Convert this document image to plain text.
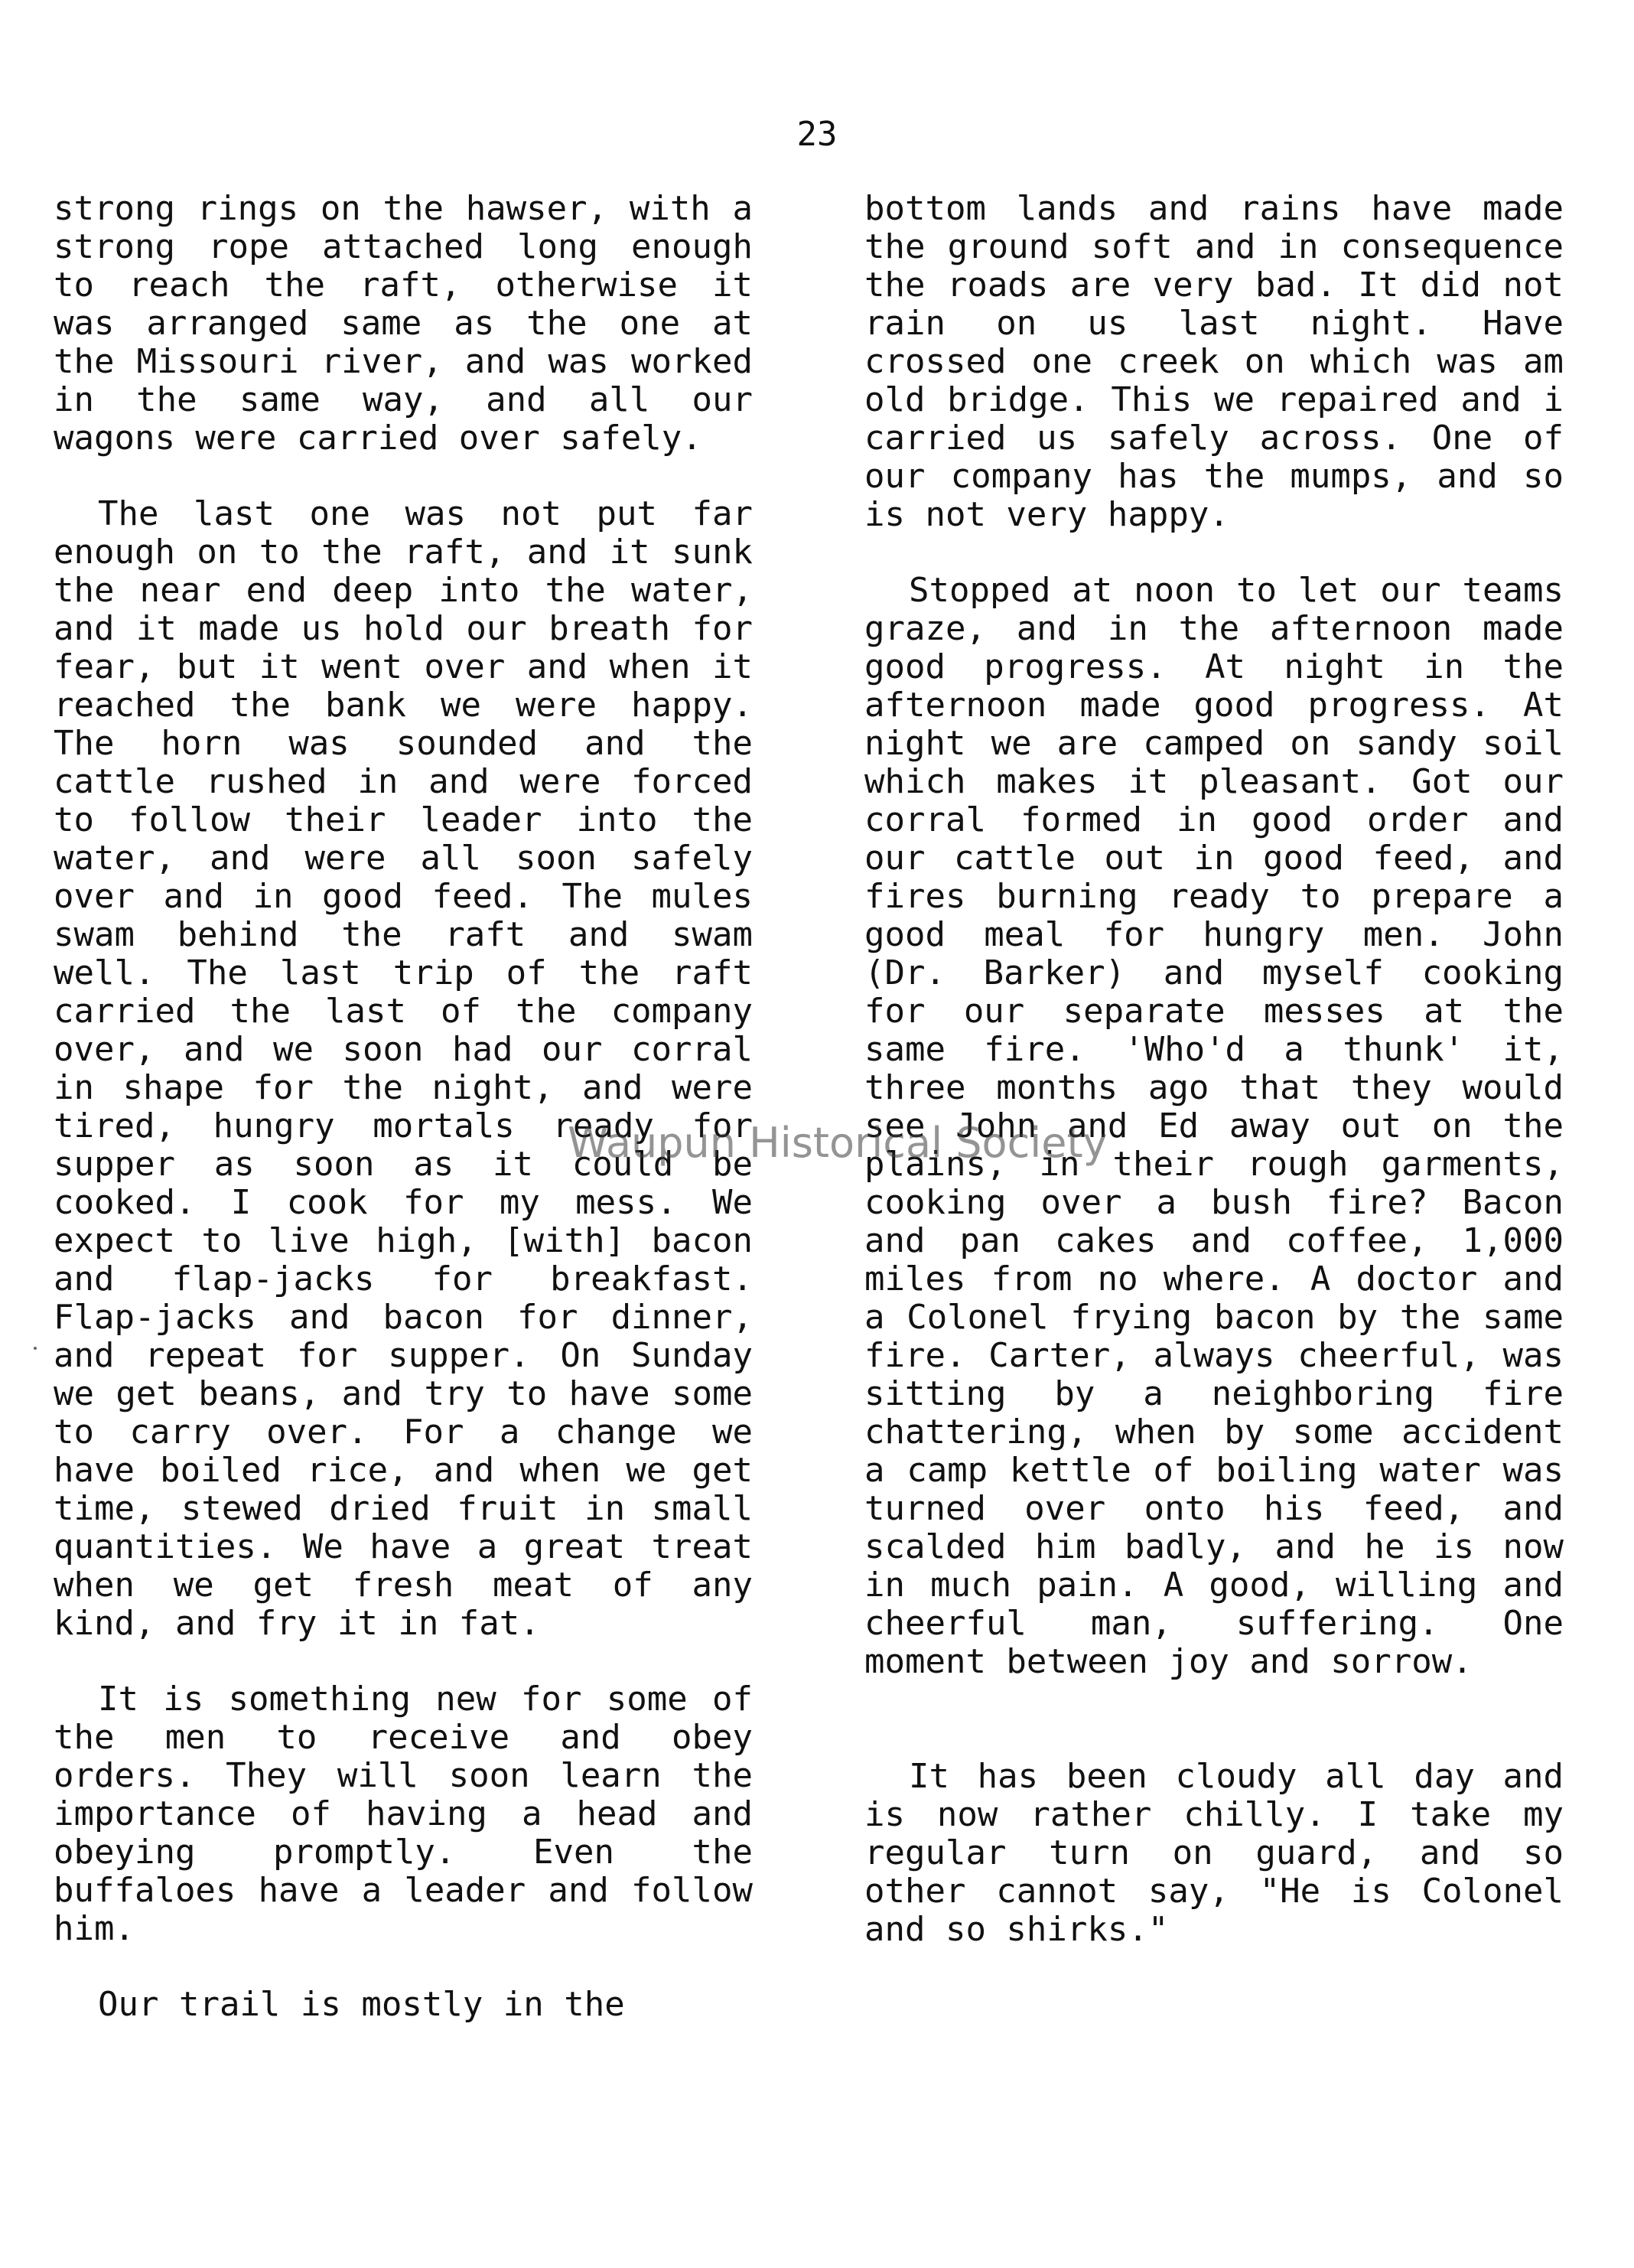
23

strong rings on the hawser, with a strong rope attached long enough to reach the raft, otherwise it was arranged same as the one at the Missouri river, and was worked in the same way, and all our wagons were carried over safely.

The last one was not put far enough on to the raft, and it sunk the near end deep into the water, and it made us hold our breath for fear, but it went over and when it reached the bank we were happy. The horn was sounded and the cattle rushed in and were forced to follow their leader into the water, and were all soon safely over and in good feed. The mules swam behind the raft and swam well. The last trip of the raft carried the last of the company over, and we soon had our corral in shape for the night, and were tired, hungry mortals ready for supper as soon as it could be cooked. I cook for my mess. We expect to live high, [with] bacon and flap-jacks for breakfast. Flap-jacks and bacon for dinner, and repeat for supper. On Sunday we get beans, and try to have some to carry over. For a change we have boiled rice, and when we get time, stewed dried fruit in small quantities. We have a great treat when we get fresh meat of any kind, and fry it in fat.

It is something new for some of the men to receive and obey orders. They will soon learn the importance of having a head and obeying promptly. Even the buffaloes have a leader and follow him.

Our trail is mostly in the

bottom lands and rains have made the ground soft and in consequence the roads are very bad. It did not rain on us last night. Have crossed one creek on which was am old bridge. This we repaired and i carried us safely across. One of our company has the mumps, and so is not very happy.

Stopped at noon to let our teams graze, and in the afternoon made good progress. At night in the afternoon made good progress. At night we are camped on sandy soil which makes it pleasant. Got our corral formed in good order and our cattle out in good feed, and fires burning ready to prepare a good meal for hungry men. John (Dr. Barker) and myself cooking for our separate messes at the same fire. 'Who'd a thunk' it, three months ago that they would see John and Ed away out on the plains, in their rough garments, cooking over a bush fire? Bacon and pan cakes and coffee, 1,000 miles from no where. A doctor and a Colonel frying bacon by the same fire. Carter, always cheerful, was sitting by a neighboring fire chattering, when by some accident a camp kettle of boiling water was turned over onto his feed, and scalded him badly, and he is now in much pain. A good, willing and cheerful man, suffering. One moment between joy and sorrow.

It has been cloudy all day and is now rather chilly. I take my regular turn on guard, and so other cannot say, "He is Colonel and so shirks."

Waupun Historical Society
